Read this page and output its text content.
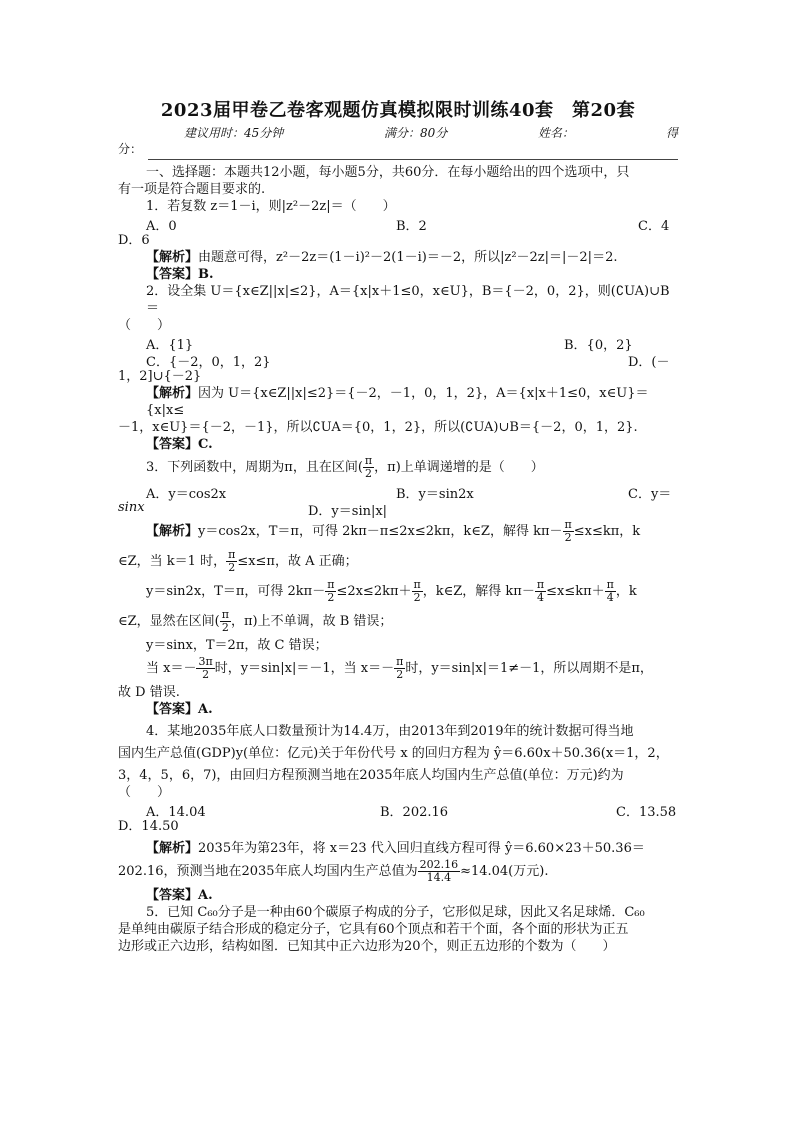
2023届甲卷乙卷客观题仿真模拟限时训练40套　第20套
建议用时：45分钟	满分：80分	姓名：	得
分：

一、选择题：本题共12小题，每小题5分，共60分．在每小题给出的四个选项中，只

有一项是符合题目要求的.

1．若复数 z＝1－i，则|z²－2z|＝（　　）

A．0	B．2	C．4

D．6

【解析】由题意可得，z²－2z＝(1－i)²－2(1－i)＝－2，所以|z²－2z|＝|－2|＝2.

【答案】B.

2．设全集 U＝{x∈Z||x|≤2}，A＝{x|x＋1≤0，x∈U}，B＝{－2，0，2}，则(∁UA)∪B＝

（　　）

A．{1}	B．{0，2}
C．{－2，0，1，2}	D．(－

1，2]∪{－2}

【解析】因为 U＝{x∈Z||x|≤2}＝{－2，－1，0，1，2}，A＝{x|x＋1≤0，x∈U}＝{x|x≤

－1，x∈U}＝{－2，－1}，所以∁UA＝{0，1，2}，所以(∁UA)∪B＝{－2，0，1，2}.

【答案】C.

3．下列函数中，周期为π，且在区间( $\frac{\pi}{2}$ ，π)上单调递增的是（　　）

A．y＝cos2x	B．y＝sin2x	C．y＝
sinx	D．y＝sin|x|

【解析】y＝cos2x，T＝π，可得 2kπ－π≤2x≤2kπ，k∈Z，解得 $k\pi- \frac{\pi}{2} \le x\le k\pi$，k

∈Z，当 k＝1 时， $\frac{\pi}{2} \le x\le\pi$，故 A 正确；

y＝sin2x，T＝π，可得 $2k\pi- \frac{\pi}{2} \le 2x\le 2k\pi+ \frac{\pi}{2}$ ，k∈Z，解得 $k\pi- \frac{\pi}{4} \le x\le k\pi+ \frac{\pi}{4}$ ，k

∈Z，显然在区间( $\frac{\pi}{2}$ ，π)上不单调，故 B 错误；

y＝sinx，T＝2π，故 C 错误；

当 $x=- \frac{3\pi}{2}$ 时，y＝sin|x|＝－1，当 $x=- \frac{\pi}{2}$ 时，y＝sin|x|＝1≠－1，所以周期不是π，

故 D 错误.

【答案】A.

4．某地2035年底人口数量预计为14.4万，由2013年到2019年的统计数据可得当地

国内生产总值(GDP)y(单位：亿元)关于年份代号 x 的回归方程为 ŷ＝6.60x＋50.36(x＝1，2，

3，4，5，6，7)，由回归方程预测当地在2035年底人均国内生产总值(单位：万元)约为

（　　）

A．14.04	B．202.16	C．13.58

D．14.50

【解析】2035年为第23年，将 x＝23 代入回归直线方程可得 ŷ＝6.60×23＋50.36＝

202.16，预测当地在2035年底人均国内生产总值为 $\frac{202.16}{14.4} \approx 14.04$(万元).

【答案】A.

5．已知 C₆₀分子是一种由60个碳原子构成的分子，它形似足球，因此又名足球烯．C₆₀

是单纯由碳原子结合形成的稳定分子，它具有60个顶点和若干个面，各个面的形状为正五

边形或正六边形，结构如图．已知其中正六边形为20个，则正五边形的个数为（　　）
